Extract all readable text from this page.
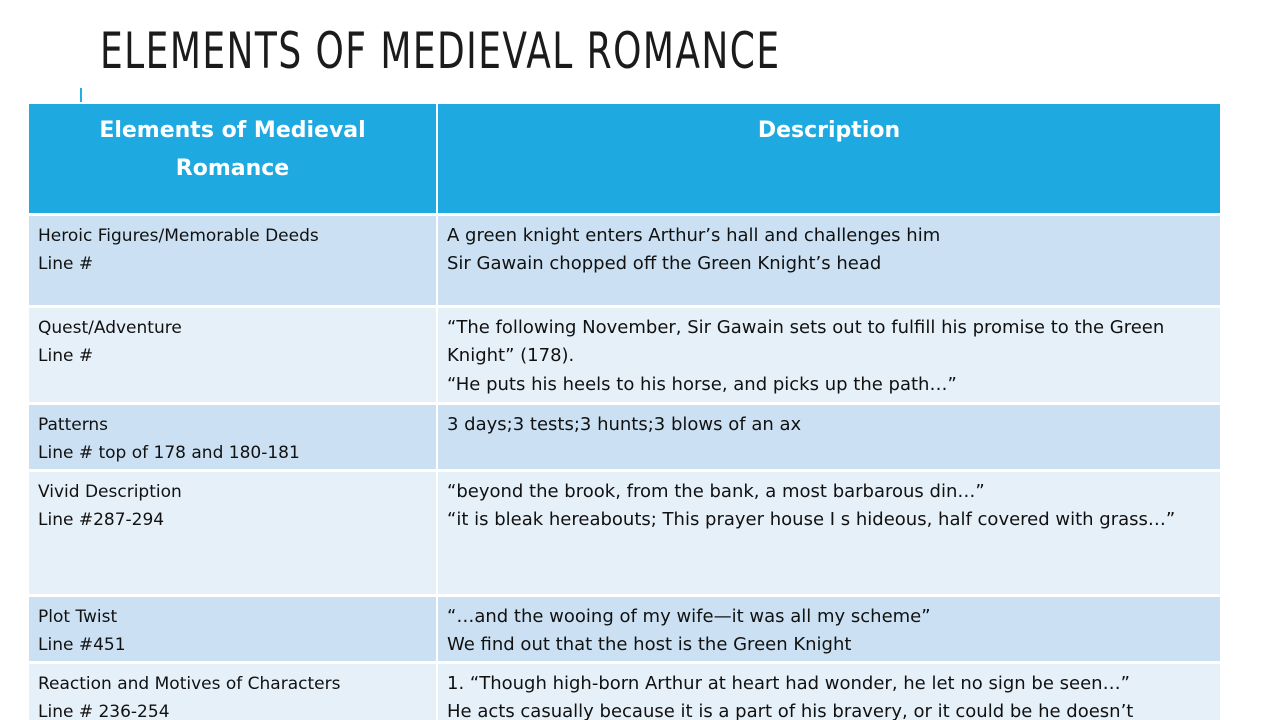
ELEMENTS OF MEDIEVAL ROMANCE
Elements of Medieval Romance	Description

Heroic Figures/Memorable Deeds
Line #	A green knight enters Arthur’s hall and challenges him
Sir Gawain chopped off the Green Knight’s head

Quest/Adventure
Line #	“The following November, Sir Gawain sets out to fulfill his promise to the Green Knight” (178).
“He puts his heels to his horse, and picks up the path…”

Patterns
Line # top of 178 and 180-181	3 days;3 tests;3 hunts;3 blows of an ax

Vivid Description
Line #287-294	“beyond the brook, from the bank, a most barbarous din…”
“it is bleak hereabouts; This prayer house I s hideous, half covered with grass…”

Plot Twist
Line #451	“…and the wooing of my wife—it was all my scheme”
We find out that the host is the Green Knight

Reaction and Motives of Characters
Line # 236-254	1. “Though high-born Arthur at heart had wonder, he let no sign be seen…”
He acts casually because it is a part of his bravery, or it could be he doesn’t
